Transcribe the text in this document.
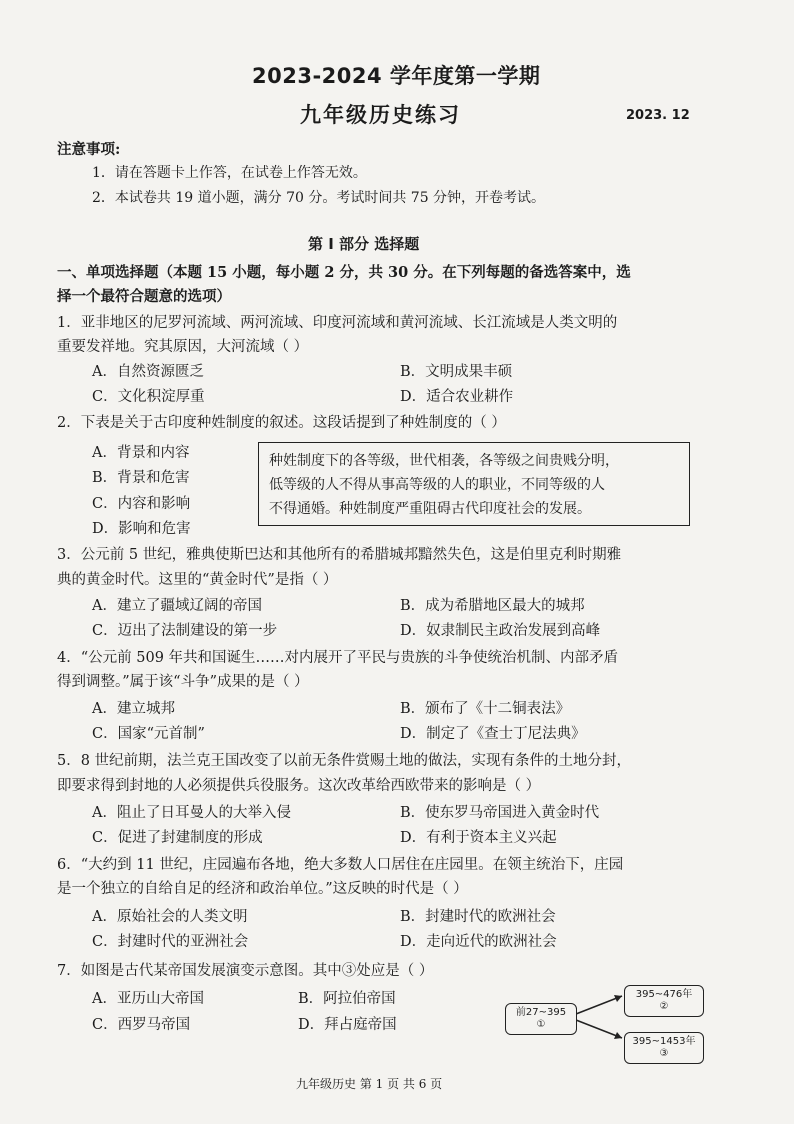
2023-2024 学年度第一学期
九年级历史练习	2023. 12
注意事项:
1．请在答题卡上作答，在试卷上作答无效。
2．本试卷共 19 道小题，满分 70 分。考试时间共 75 分钟，开卷考试。
第 I 部分 选择题
一、单项选择题（本题 15 小题，每小题 2 分，共 30 分。在下列每题的备选答案中，选
择一个最符合题意的选项）
1．亚非地区的尼罗河流域、两河流域、印度河流域和黄河流域、长江流域是人类文明的
重要发祥地。究其原因，大河流域（ ）
A．自然资源匮乏	B．文明成果丰硕
C．文化积淀厚重	D．适合农业耕作
2．下表是关于古印度种姓制度的叙述。这段话提到了种姓制度的（ ）
A．背景和内容
B．背景和危害
C．内容和影响
D．影响和危害
种姓制度下的各等级，世代相袭，各等级之间贵贱分明，
低等级的人不得从事高等级的人的职业，不同等级的人
不得通婚。种姓制度严重阻碍古代印度社会的发展。
3．公元前 5 世纪，雅典使斯巴达和其他所有的希腊城邦黯然失色，这是伯里克利时期雅
典的黄金时代。这里的“黄金时代”是指（ ）
A．建立了疆域辽阔的帝国	B．成为希腊地区最大的城邦
C．迈出了法制建设的第一步	D．奴隶制民主政治发展到高峰
4．“公元前 509 年共和国诞生……对内展开了平民与贵族的斗争使统治机制、内部矛盾
得到调整。”属于该“斗争”成果的是（ ）
A．建立城邦	B．颁布了《十二铜表法》
C．国家“元首制”	D．制定了《查士丁尼法典》
5．8 世纪前期，法兰克王国改变了以前无条件赏赐土地的做法，实现有条件的土地分封，
即要求得到封地的人必须提供兵役服务。这次改革给西欧带来的影响是（ ）
A．阻止了日耳曼人的大举入侵	B．使东罗马帝国进入黄金时代
C．促进了封建制度的形成	D．有利于资本主义兴起
6．“大约到 11 世纪，庄园遍布各地，绝大多数人口居住在庄园里。在领主统治下，庄园
是一个独立的自给自足的经济和政治单位。”这反映的时代是（ ）
A．原始社会的人类文明	B．封建时代的欧洲社会
C．封建时代的亚洲社会	D．走向近代的欧洲社会
7．如图是古代某帝国发展演变示意图。其中③处应是（ ）
A．亚历山大帝国	B．阿拉伯帝国
C．西罗马帝国	D．拜占庭帝国
前27~395
①
395~476年
②
395~1453年
③
九年级历史 第 1 页 共 6 页
